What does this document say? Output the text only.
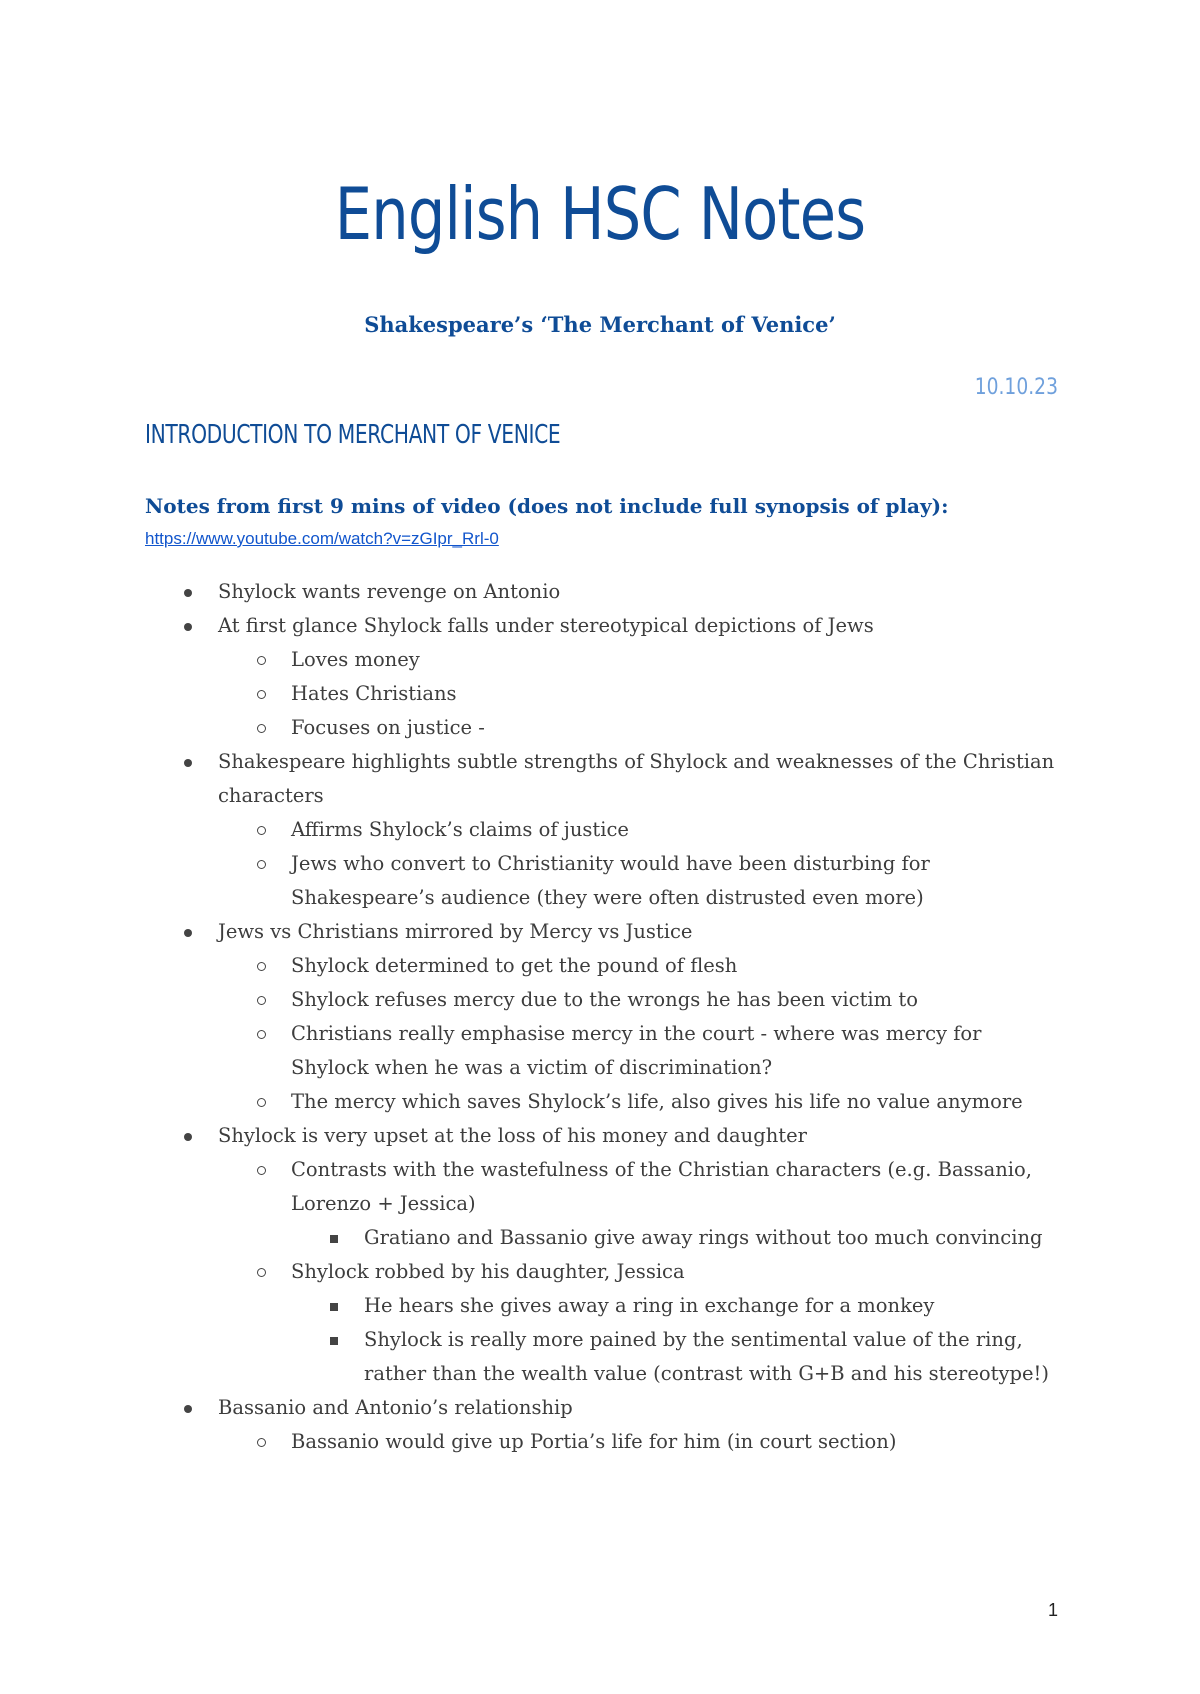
English HSC Notes
Shakespeare’s ‘The Merchant of Venice’
10.10.23
INTRODUCTION TO MERCHANT OF VENICE
Notes from first 9 mins of video (does not include full synopsis of play):
https://www.youtube.com/watch?v=zGIpr_Rrl-0
Shylock wants revenge on Antonio
At first glance Shylock falls under stereotypical depictions of Jews
Loves money
Hates Christians
Focuses on justice -
Shakespeare highlights subtle strengths of Shylock and weaknesses of the Christian characters
Affirms Shylock’s claims of justice
Jews who convert to Christianity would have been disturbing for Shakespeare’s audience (they were often distrusted even more)
Jews vs Christians mirrored by Mercy vs Justice
Shylock determined to get the pound of flesh
Shylock refuses mercy due to the wrongs he has been victim to
Christians really emphasise mercy in the court - where was mercy for Shylock when he was a victim of discrimination?
The mercy which saves Shylock’s life, also gives his life no value anymore
Shylock is very upset at the loss of his money and daughter
Contrasts with the wastefulness of the Christian characters (e.g. Bassanio, Lorenzo + Jessica)
Gratiano and Bassanio give away rings without too much convincing
Shylock robbed by his daughter, Jessica
He hears she gives away a ring in exchange for a monkey
Shylock is really more pained by the sentimental value of the ring, rather than the wealth value (contrast with G+B and his stereotype!)
Bassanio and Antonio’s relationship
Bassanio would give up Portia’s life for him (in court section)
1
